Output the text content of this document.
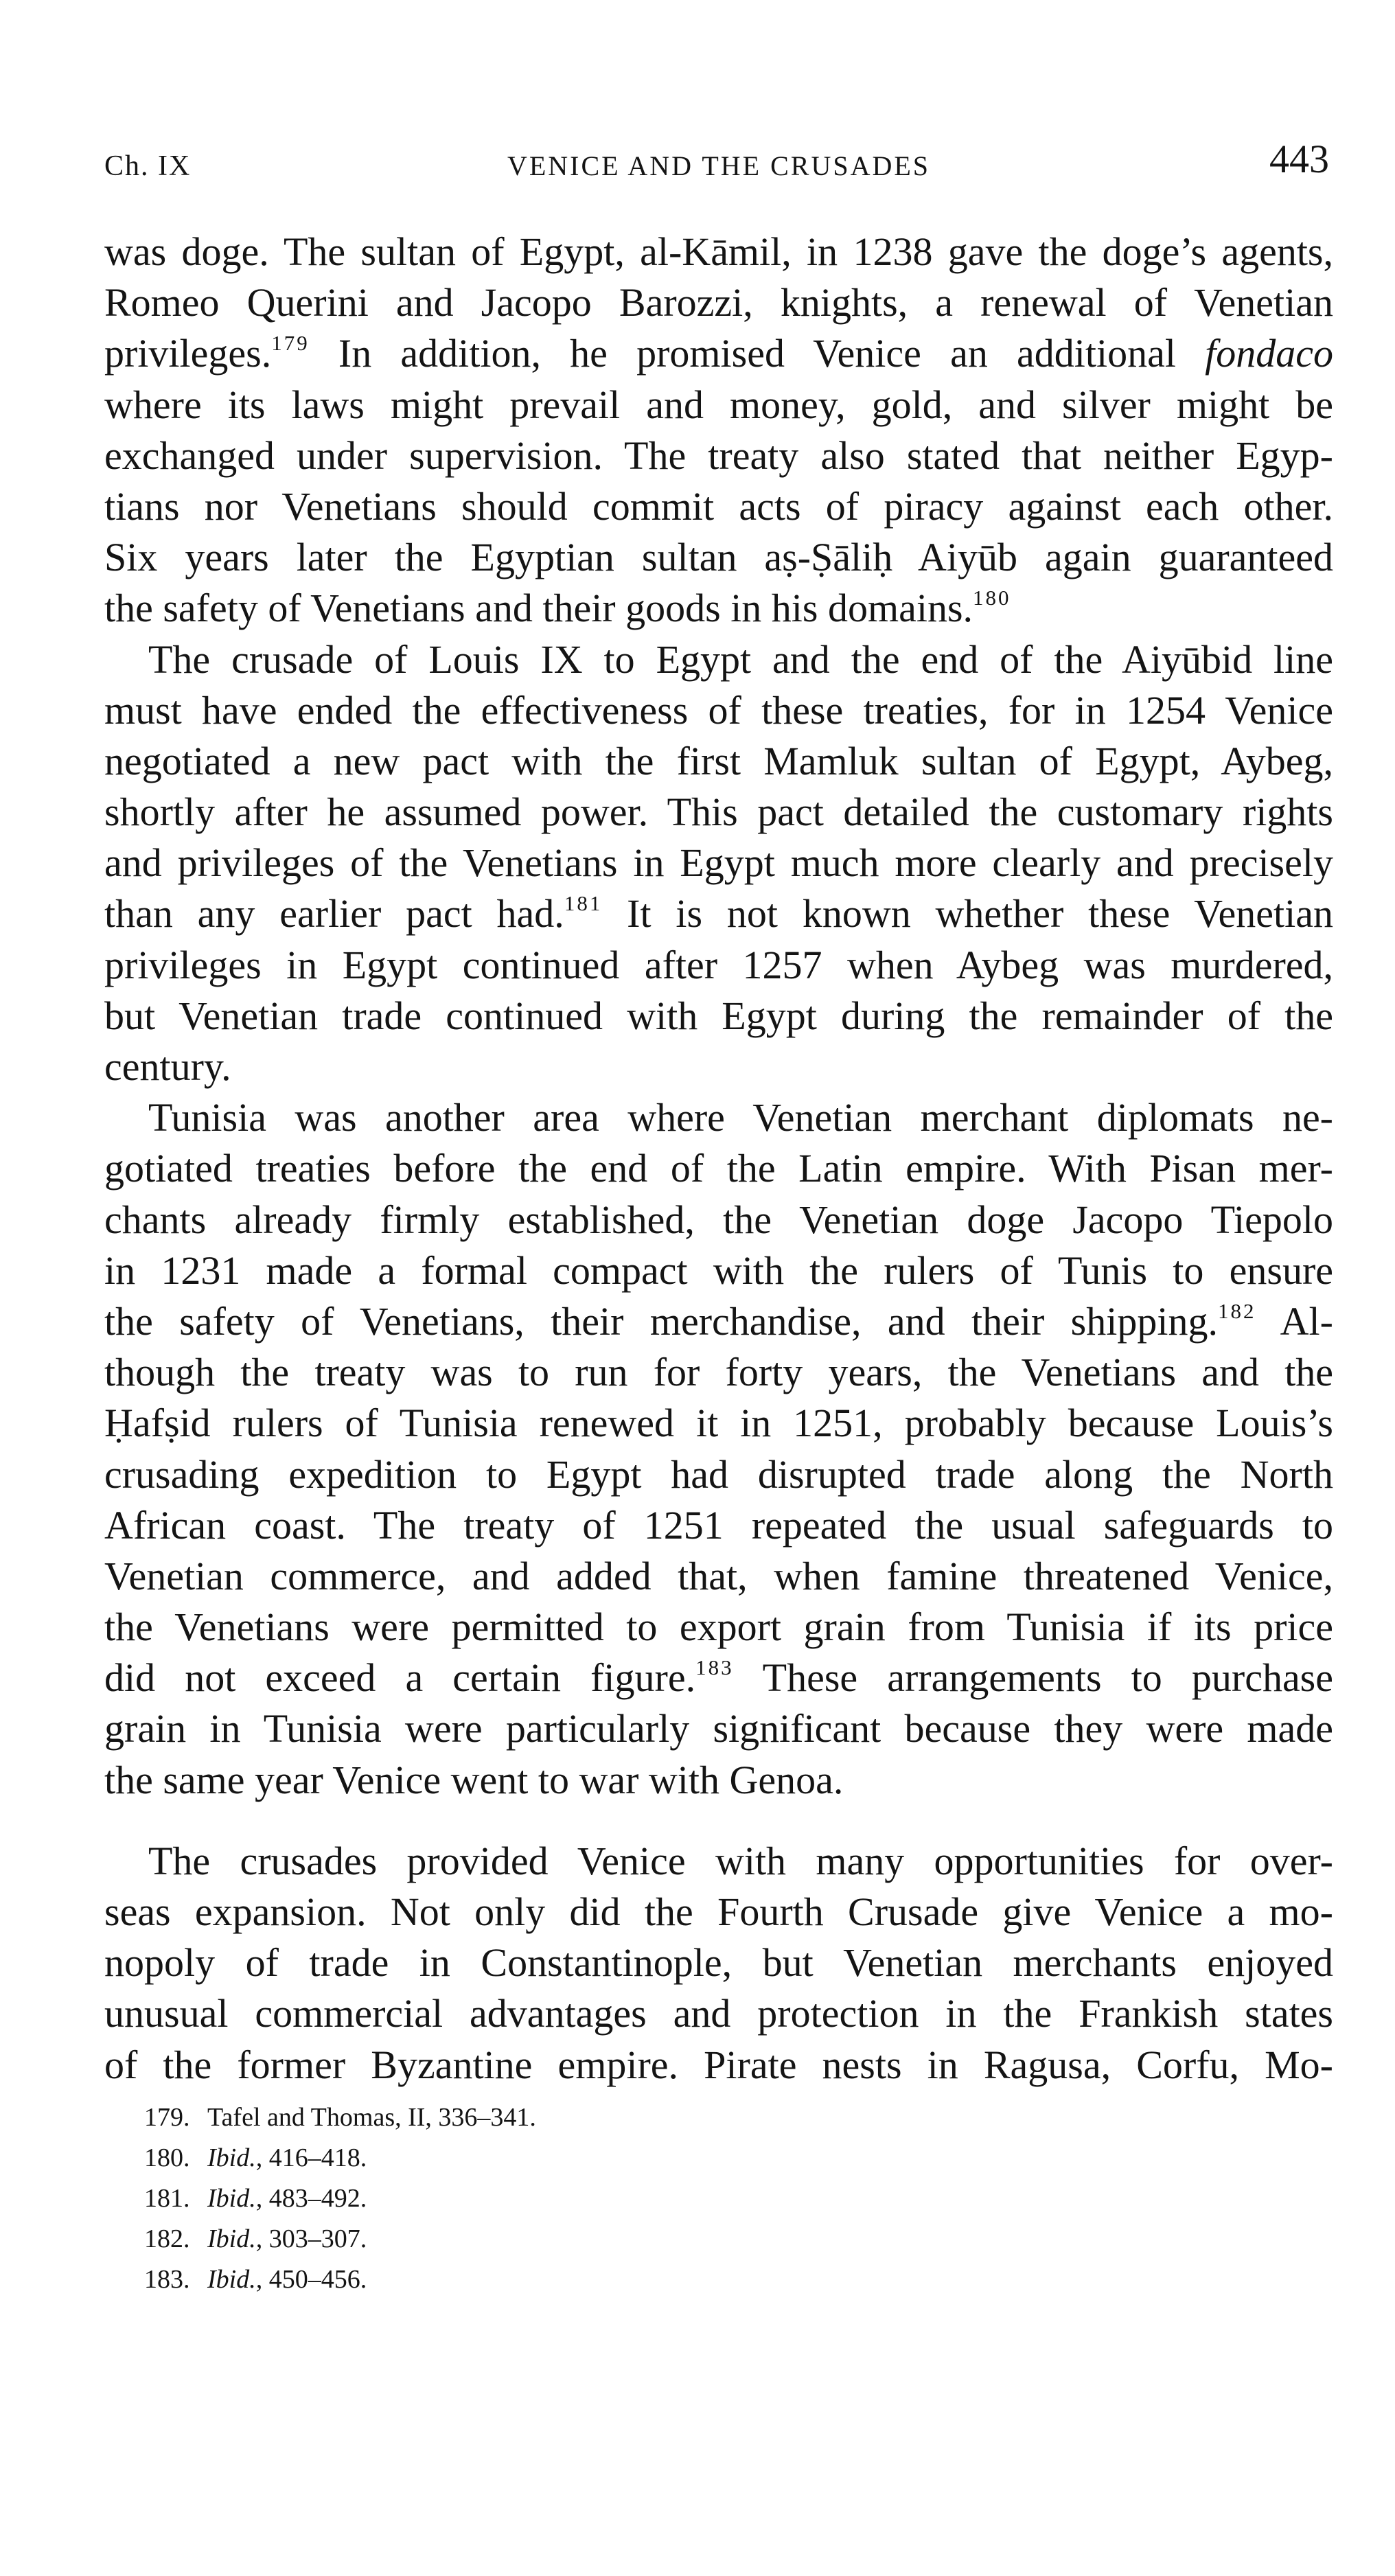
Ch. IX	VENICE AND THE CRUSADES	443
was doge. The sultan of Egypt, al-Kāmil, in 1238 gave the doge’s agents,
Romeo Querini and Jacopo Barozzi, knights, a renewal of Venetian
privileges.$^{179}$ In addition, he promised Venice an additional fondaco
where its laws might prevail and money, gold, and silver might be
exchanged under supervision. The treaty also stated that neither Egyp-
tians nor Venetians should commit acts of piracy against each other.
Six years later the Egyptian sultan aṣ-Ṣāliḥ Aiyūb again guaranteed
the safety of Venetians and their goods in his domains.$^{180}$
The crusade of Louis IX to Egypt and the end of the Aiyūbid line
must have ended the effectiveness of these treaties, for in 1254 Venice
negotiated a new pact with the first Mamluk sultan of Egypt, Aybeg,
shortly after he assumed power. This pact detailed the customary rights
and privileges of the Venetians in Egypt much more clearly and precisely
than any earlier pact had.$^{181}$ It is not known whether these Venetian
privileges in Egypt continued after 1257 when Aybeg was murdered,
but Venetian trade continued with Egypt during the remainder of the
century.
Tunisia was another area where Venetian merchant diplomats ne-
gotiated treaties before the end of the Latin empire. With Pisan mer-
chants already firmly established, the Venetian doge Jacopo Tiepolo
in 1231 made a formal compact with the rulers of Tunis to ensure
the safety of Venetians, their merchandise, and their shipping.$^{182}$ Al-
though the treaty was to run for forty years, the Venetians and the
Ḥafṣid rulers of Tunisia renewed it in 1251, probably because Louis’s
crusading expedition to Egypt had disrupted trade along the North
African coast. The treaty of 1251 repeated the usual safeguards to
Venetian commerce, and added that, when famine threatened Venice,
the Venetians were permitted to export grain from Tunisia if its price
did not exceed a certain figure.$^{183}$ These arrangements to purchase
grain in Tunisia were particularly significant because they were made
the same year Venice went to war with Genoa.
The crusades provided Venice with many opportunities for over-
seas expansion. Not only did the Fourth Crusade give Venice a mo-
nopoly of trade in Constantinople, but Venetian merchants enjoyed
unusual commercial advantages and protection in the Frankish states
of the former Byzantine empire. Pirate nests in Ragusa, Corfu, Mo-
179. Tafel and Thomas, II, 336–341.
180. Ibid., 416–418.
181. Ibid., 483–492.
182. Ibid., 303–307.
183. Ibid., 450–456.
